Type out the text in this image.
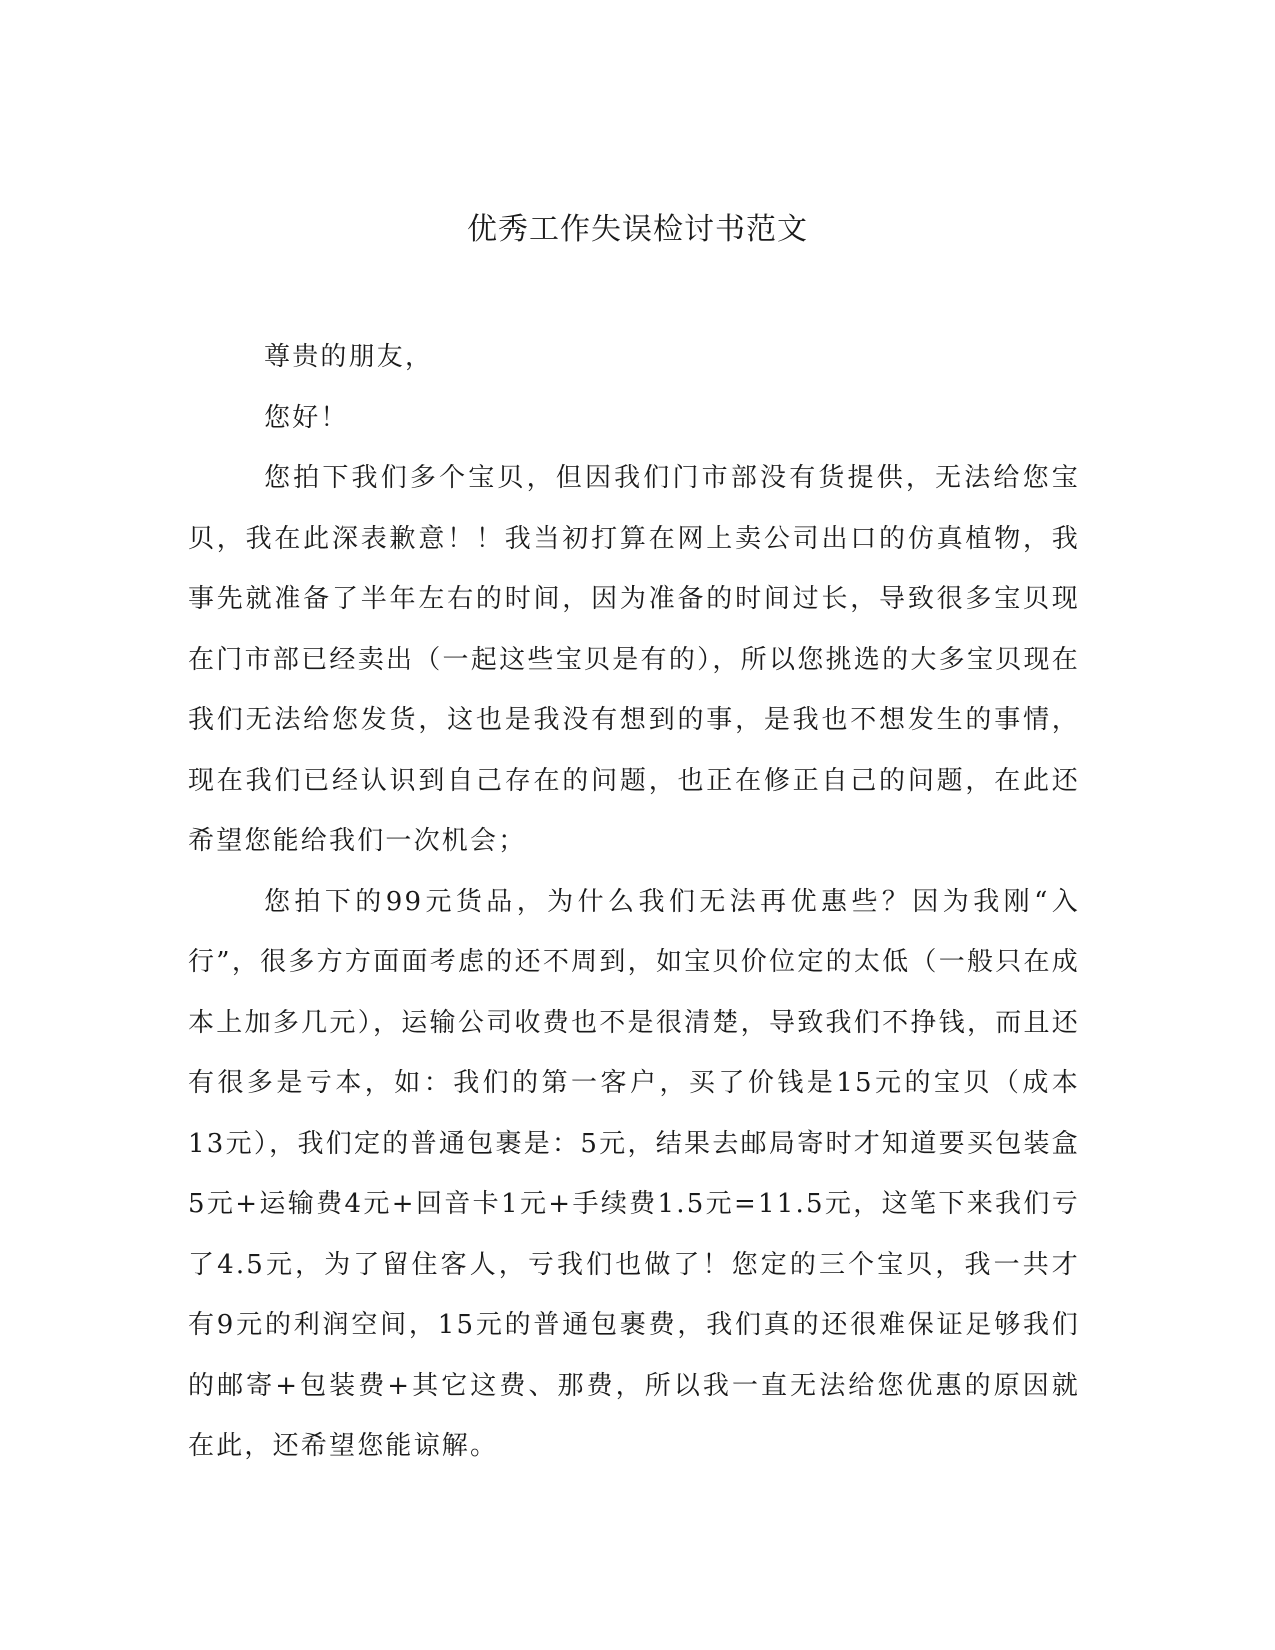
优秀工作失误检讨书范文

尊贵的朋友，

您好！

您拍下我们多个宝贝，但因我们门市部没有货提供，无法给您宝贝，我在此深表歉意！！我当初打算在网上卖公司出口的仿真植物，我事先就准备了半年左右的时间，因为准备的时间过长，导致很多宝贝现在门市部已经卖出（一起这些宝贝是有的），所以您挑选的大多宝贝现在我们无法给您发货，这也是我没有想到的事，是我也不想发生的事情，现在我们已经认识到自己存在的问题，也正在修正自己的问题，在此还希望您能给我们一次机会；

您拍下的99元货品，为什么我们无法再优惠些？因为我刚“入行”，很多方方面面考虑的还不周到，如宝贝价位定的太低（一般只在成本上加多几元），运输公司收费也不是很清楚，导致我们不挣钱，而且还有很多是亏本，如：我们的第一客户，买了价钱是15元的宝贝（成本13元），我们定的普通包裹是：5元，结果去邮局寄时才知道要买包装盒5元+运输费4元+回音卡1元+手续费1.5元=11.5元，这笔下来我们亏了4.5元，为了留住客人，亏我们也做了！您定的三个宝贝，我一共才有9元的利润空间，15元的普通包裹费，我们真的还很难保证足够我们的邮寄+包装费+其它这费、那费，所以我一直无法给您优惠的原因就在此，还希望您能谅解。
